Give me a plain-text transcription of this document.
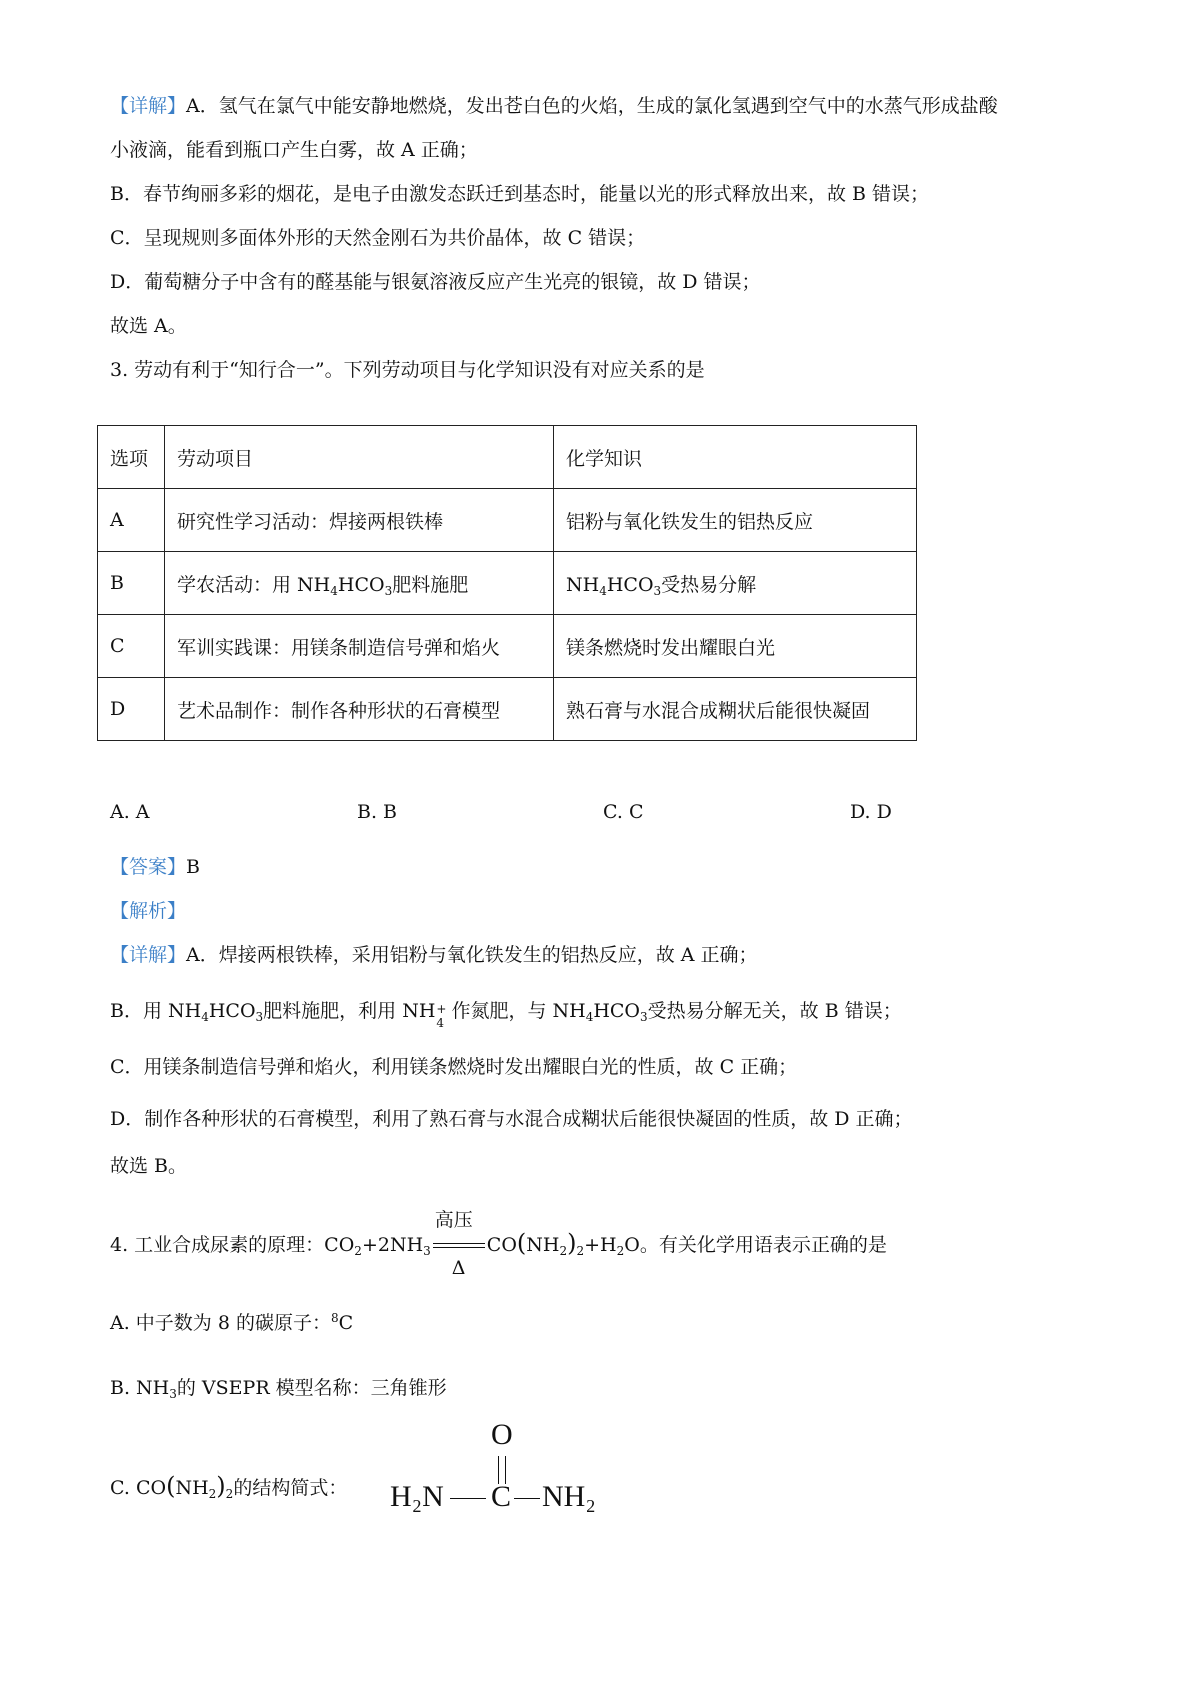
【详解】A．氢气在氯气中能安静地燃烧，发出苍白色的火焰，生成的氯化氢遇到空气中的水蒸气形成盐酸
小液滴，能看到瓶口产生白雾，故 A 正确；
B．春节绚丽多彩的烟花，是电子由激发态跃迁到基态时，能量以光的形式释放出来，故 B 错误；
C．呈现规则多面体外形的天然金刚石为共价晶体，故 C 错误；
D．葡萄糖分子中含有的醛基能与银氨溶液反应产生光亮的银镜，故 D 错误；
故选 A。
3. 劳动有利于“知行合一”。下列劳动项目与化学知识没有对应关系的是
选项	劳动项目	化学知识
A	研究性学习活动：焊接两根铁棒	铝粉与氧化铁发生的铝热反应
B	学农活动：用 $NH_4HCO_3$肥料施肥	$NH_4HCO_3$受热易分解
C	军训实践课：用镁条制造信号弹和焰火	镁条燃烧时发出耀眼白光
D	艺术品制作：制作各种形状的石膏模型	熟石膏与水混合成糊状后能很快凝固
A. A	B. B	C. C	D. D
【答案】B
【解析】
【详解】A．焊接两根铁棒，采用铝粉与氧化铁发生的铝热反应，故 A 正确；
B．用 $NH_4HCO_3$肥料施肥，利用 NH +
4
作氮肥，与 $NH_4HCO_3$受热易分解无关，故 B 错误；
C．用镁条制造信号弹和焰火，利用镁条燃烧时发出耀眼白光的性质，故 C 正确；
D．制作各种形状的石膏模型，利用了熟石膏与水混合成糊状后能很快凝固的性质，故 D 正确；
故选 B。
4. 工业合成尿素的原理：$CO_2+2NH_3$
高压
Δ
$CO(NH_2)_2+H_2O$。有关化学用语表示正确的是
A. 中子数为 8 的碳原子：$^8$C
B. $NH_3$的 VSEPR 模型名称：三角锥形
C. $CO(NH_2)_2$的结构简式：
O
H₂N C NH₂
